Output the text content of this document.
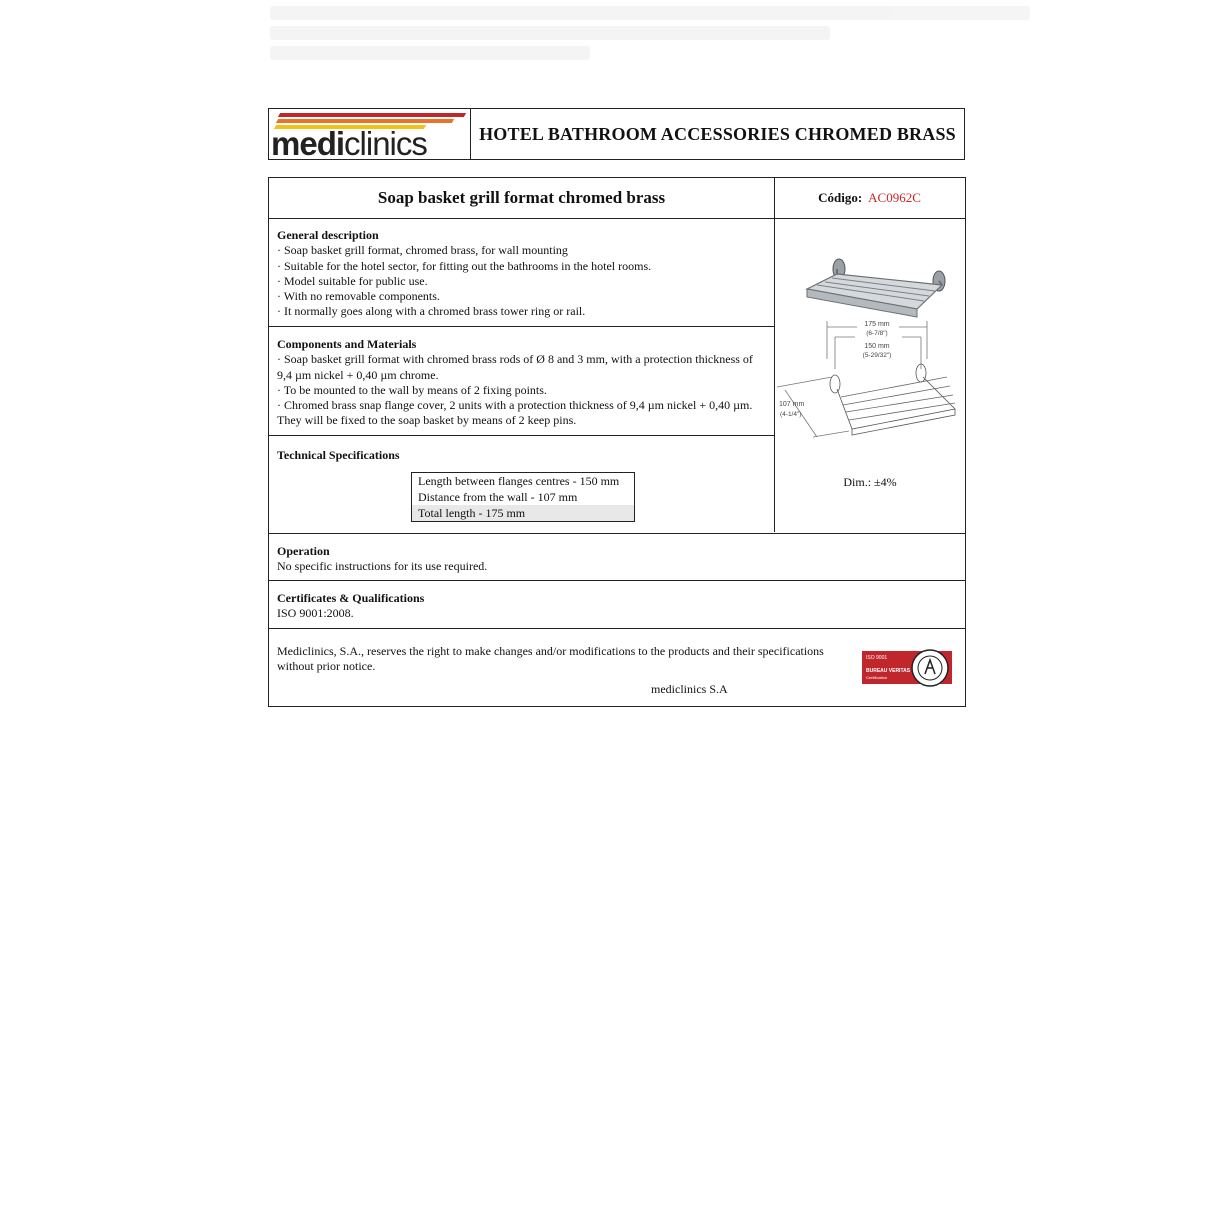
mediclinics	HOTEL BATHROOM ACCESSORIES CHROMED BRASS
Soap basket grill format chromed brass	Código: AC0962C
General description

· Soap basket grill format, chromed brass, for wall mounting

· Suitable for the hotel sector, for fitting out the bathrooms in the hotel rooms.

· Model suitable for public use.

· With no removable components.

· It normally goes along with a chromed brass tower ring or rail.

Components and Materials

· Soap basket grill format with chromed brass rods of Ø 8 and 3 mm, with a protection thickness of 9,4 µm nickel + 0,40 µm chrome.

· To be mounted to the wall by means of 2 fixing points.

· Chromed brass snap flange cover, 2 units with a protection thickness of 9,4 µm nickel + 0,40 µm. They will be fixed to the soap basket by means of 2 keep pins.

Technical Specifications
Length between flanges centres - 150 mm
Distance from the wall - 107 mm
Total length - 175 mm
175 mm
(6-7/8")
150 mm
(5-29/32")
107 mm
(4-1/4")
Dim.: ±4%
Operation
No specific instructions for its use required.
Certificates & Qualifications
ISO 9001:2008.

Mediclinics, S.A., reserves the right to make changes and/or modifications to the products and their specifications without prior notice.

mediclinics S.A
ISO 9001
BUREAU VERITAS
Certification
